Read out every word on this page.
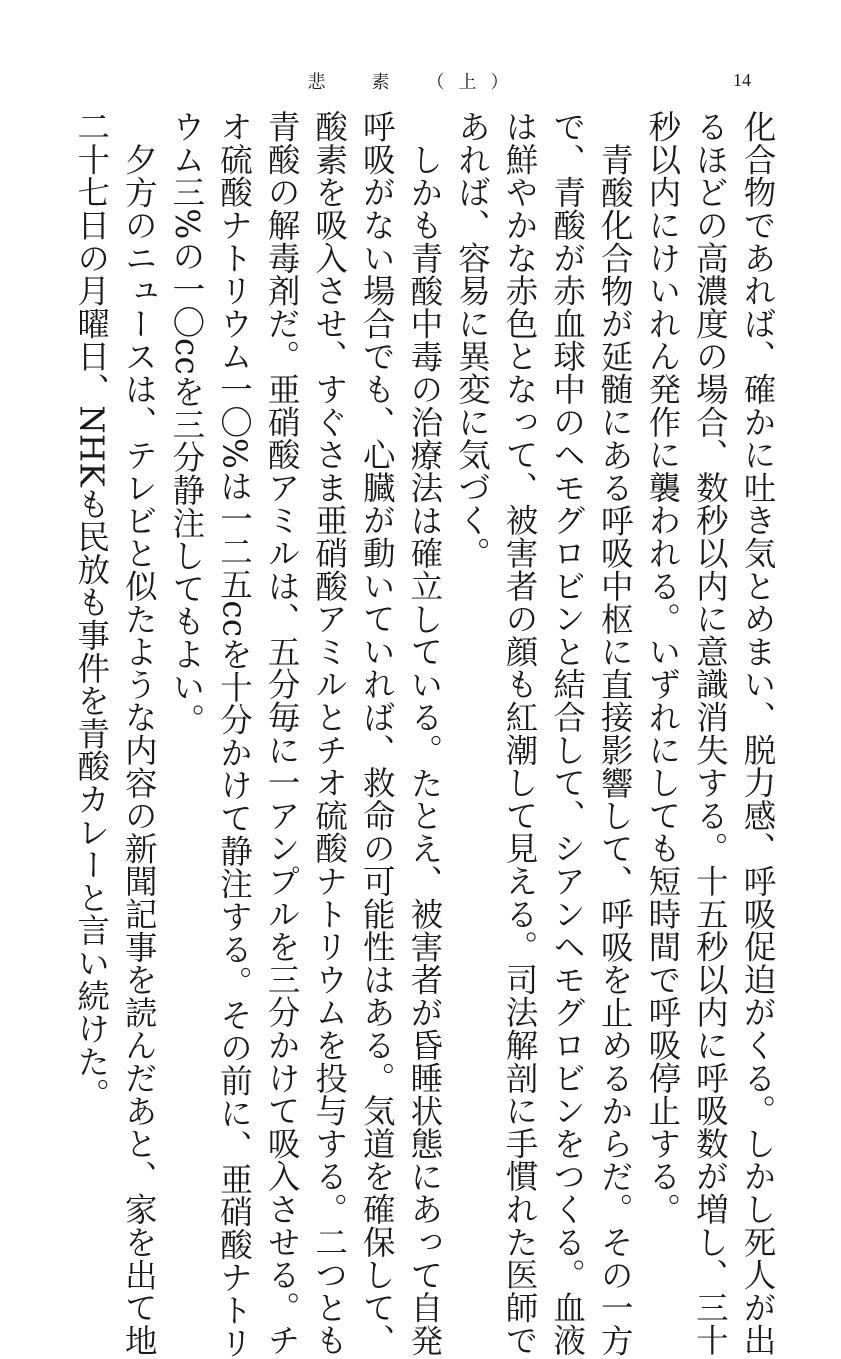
悲　素　（上）	14

化合物であれば、確かに吐き気とめまい、脱力感、呼吸促迫がくる。しかし死人が出
るほどの高濃度の場合、数秒以内に意識消失する。十五秒以内に呼吸数が増し、三十
秒以内にけいれん発作に襲われる。いずれにしても短時間で呼吸停止する。

青酸化合物が延髄にある呼吸中枢に直接影響して、呼吸を止めるからだ。その一方
で、青酸が赤血球中のヘモグロビンと結合して、シアンヘモグロビンをつくる。血液
は鮮やかな赤色となって、被害者の顔も紅潮して見える。司法解剖に手慣れた医師で
あれば、容易に異変に気づく。

しかも青酸中毒の治療法は確立している。たとえ、被害者が昏睡状態にあって自発
呼吸がない場合でも、心臓が動いていれば、救命の可能性はある。気道を確保して、
酸素を吸入させ、すぐさま亜硝酸アミルとチオ硫酸ナトリウムを投与する。二つとも
青酸の解毒剤だ。亜硝酸アミルは、五分毎に一アンプルを三分かけて吸入させる。チ
オ硫酸ナトリウム一〇%は一二五ccを十分かけて静注する。その前に、亜硝酸ナトリ
ウム三%の一〇ccを三分静注してもよい。

夕方のニュースは、テレビと似たような内容の新聞記事を読んだあと、家を出て地
二十七日の月曜日、NHKも民放も事件を青酸カレーと言い続けた。
